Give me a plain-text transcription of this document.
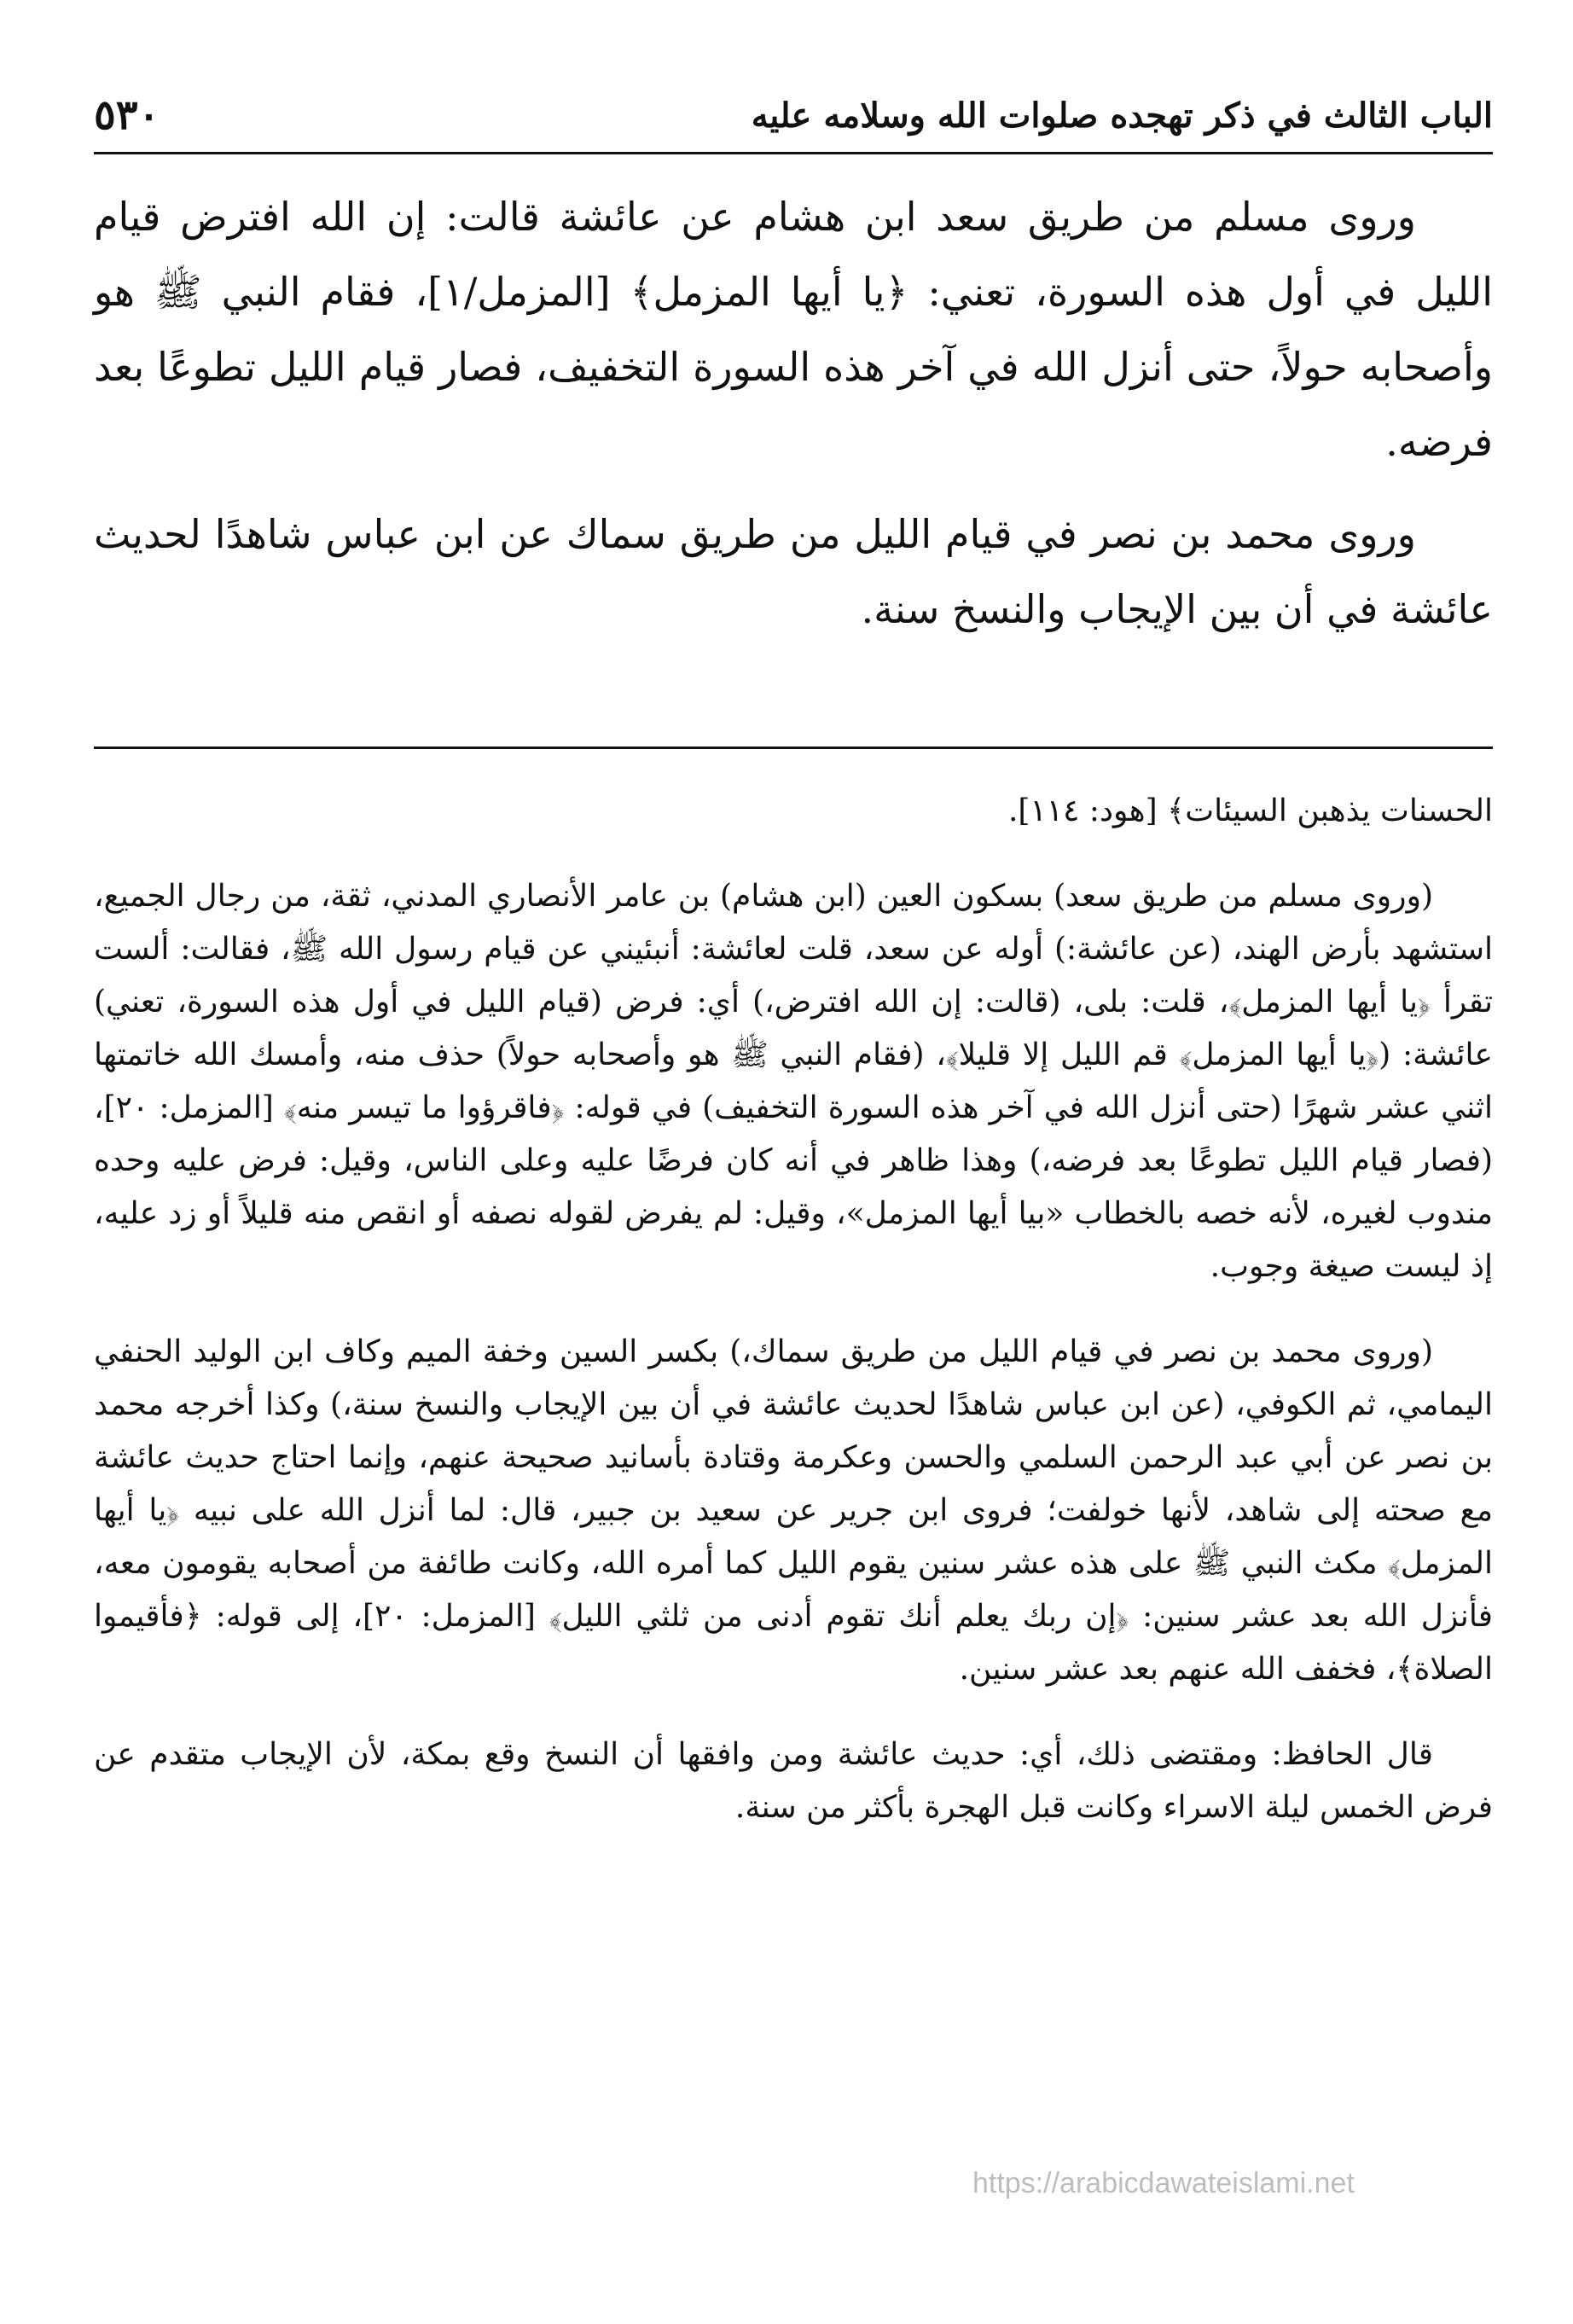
الباب الثالث في ذكر تهجده صلوات الله وسلامه عليه
٥٣٠

وروى مسلم من طريق سعد ابن هشام عن عائشة قالت: إن الله افترض قيام الليل في أول هذه السورة، تعني: ﴿يا أيها المزمل﴾ [المزمل/١]، فقام النبي ﷺ هو وأصحابه حولاً، حتى أنزل الله في آخر هذه السورة التخفيف، فصار قيام الليل تطوعًا بعد فرضه.

وروى محمد بن نصر في قيام الليل من طريق سماك عن ابن عباس شاهدًا لحديث عائشة في أن بين الإيجاب والنسخ سنة.

الحسنات يذهبن السيئات﴾ [هود: ١١٤].

(وروى مسلم من طريق سعد) بسكون العين (ابن هشام) بن عامر الأنصاري المدني، ثقة، من رجال الجميع، استشهد بأرض الهند، (عن عائشة:) أوله عن سعد، قلت لعائشة: أنبئيني عن قيام رسول الله ﷺ، فقالت: ألست تقرأ ﴿يا أيها المزمل﴾، قلت: بلى، (قالت: إن الله افترض،) أي: فرض (قيام الليل في أول هذه السورة، تعني) عائشة: (﴿يا أيها المزمل﴾ قم الليل إلا قليلا﴾، (فقام النبي ﷺ هو وأصحابه حولاً) حذف منه، وأمسك الله خاتمتها اثني عشر شهرًا (حتى أنزل الله في آخر هذه السورة التخفيف) في قوله: ﴿فاقرؤوا ما تيسر منه﴾ [المزمل: ٢٠]، (فصار قيام الليل تطوعًا بعد فرضه،) وهذا ظاهر في أنه كان فرضًا عليه وعلى الناس، وقيل: فرض عليه وحده مندوب لغيره، لأنه خصه بالخطاب «بيا أيها المزمل»، وقيل: لم يفرض لقوله نصفه أو انقص منه قليلاً أو زد عليه، إذ ليست صيغة وجوب.

(وروى محمد بن نصر في قيام الليل من طريق سماك،) بكسر السين وخفة الميم وكاف ابن الوليد الحنفي اليمامي، ثم الكوفي، (عن ابن عباس شاهدًا لحديث عائشة في أن بين الإيجاب والنسخ سنة،) وكذا أخرجه محمد بن نصر عن أبي عبد الرحمن السلمي والحسن وعكرمة وقتادة بأسانيد صحيحة عنهم، وإنما احتاج حديث عائشة مع صحته إلى شاهد، لأنها خولفت؛ فروى ابن جرير عن سعيد بن جبير، قال: لما أنزل الله على نبيه ﴿يا أيها المزمل﴾ مكث النبي ﷺ على هذه عشر سنين يقوم الليل كما أمره الله، وكانت طائفة من أصحابه يقومون معه، فأنزل الله بعد عشر سنين: ﴿إن ربك يعلم أنك تقوم أدنى من ثلثي الليل﴾ [المزمل: ٢٠]، إلى قوله: ﴿فأقيموا الصلاة﴾، فخفف الله عنهم بعد عشر سنين.

قال الحافظ: ومقتضى ذلك، أي: حديث عائشة ومن وافقها أن النسخ وقع بمكة، لأن الإيجاب متقدم عن فرض الخمس ليلة الاسراء وكانت قبل الهجرة بأكثر من سنة.

https://arabicdawateislami.net
